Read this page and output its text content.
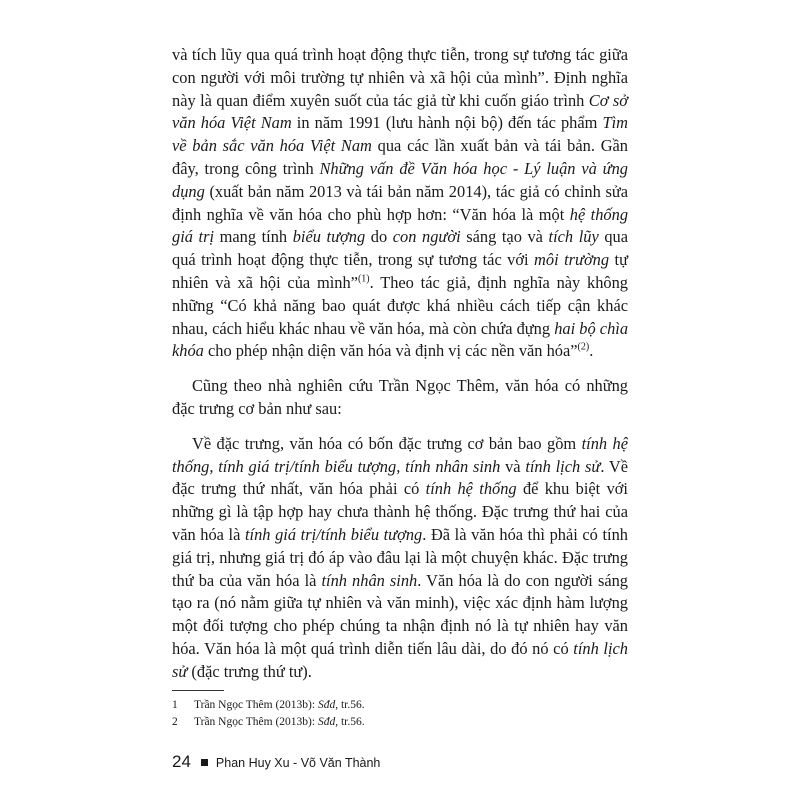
và tích lũy qua quá trình hoạt động thực tiễn, trong sự tương tác giữa con người với môi trường tự nhiên và xã hội của mình”. Định nghĩa này là quan điểm xuyên suốt của tác giả từ khi cuốn giáo trình Cơ sở văn hóa Việt Nam in năm 1991 (lưu hành nội bộ) đến tác phẩm Tìm về bản sắc văn hóa Việt Nam qua các lần xuất bản và tái bản. Gần đây, trong công trình Những vấn đề Văn hóa học - Lý luận và ứng dụng (xuất bản năm 2013 và tái bản năm 2014), tác giả có chỉnh sửa định nghĩa về văn hóa cho phù hợp hơn: “Văn hóa là một hệ thống giá trị mang tính biểu tượng do con người sáng tạo và tích lũy qua quá trình hoạt động thực tiễn, trong sự tương tác với môi trường tự nhiên và xã hội của mình”$^{(1)}$. Theo tác giả, định nghĩa này không những “Có khả năng bao quát được khá nhiều cách tiếp cận khác nhau, cách hiểu khác nhau về văn hóa, mà còn chứa đựng hai bộ chìa khóa cho phép nhận diện văn hóa và định vị các nền văn hóa”$^{(2)}$.

Cũng theo nhà nghiên cứu Trần Ngọc Thêm, văn hóa có những đặc trưng cơ bản như sau:

Về đặc trưng, văn hóa có bốn đặc trưng cơ bản bao gồm tính hệ thống, tính giá trị/tính biểu tượng, tính nhân sinh và tính lịch sử. Về đặc trưng thứ nhất, văn hóa phải có tính hệ thống để khu biệt với những gì là tập hợp hay chưa thành hệ thống. Đặc trưng thứ hai của văn hóa là tính giá trị/tính biểu tượng. Đã là văn hóa thì phải có tính giá trị, nhưng giá trị đó áp vào đâu lại là một chuyện khác. Đặc trưng thứ ba của văn hóa là tính nhân sinh. Văn hóa là do con người sáng tạo ra (nó nằm giữa tự nhiên và văn minh), việc xác định hàm lượng một đối tượng cho phép chúng ta nhận định nó là tự nhiên hay văn hóa. Văn hóa là một quá trình diễn tiến lâu dài, do đó nó có tính lịch sử (đặc trưng thứ tư).

1	Trần Ngọc Thêm (2013b): Sđd, tr.56.
2	Trần Ngọc Thêm (2013b): Sđd, tr.56.
24 Phan Huy Xu - Võ Văn Thành
